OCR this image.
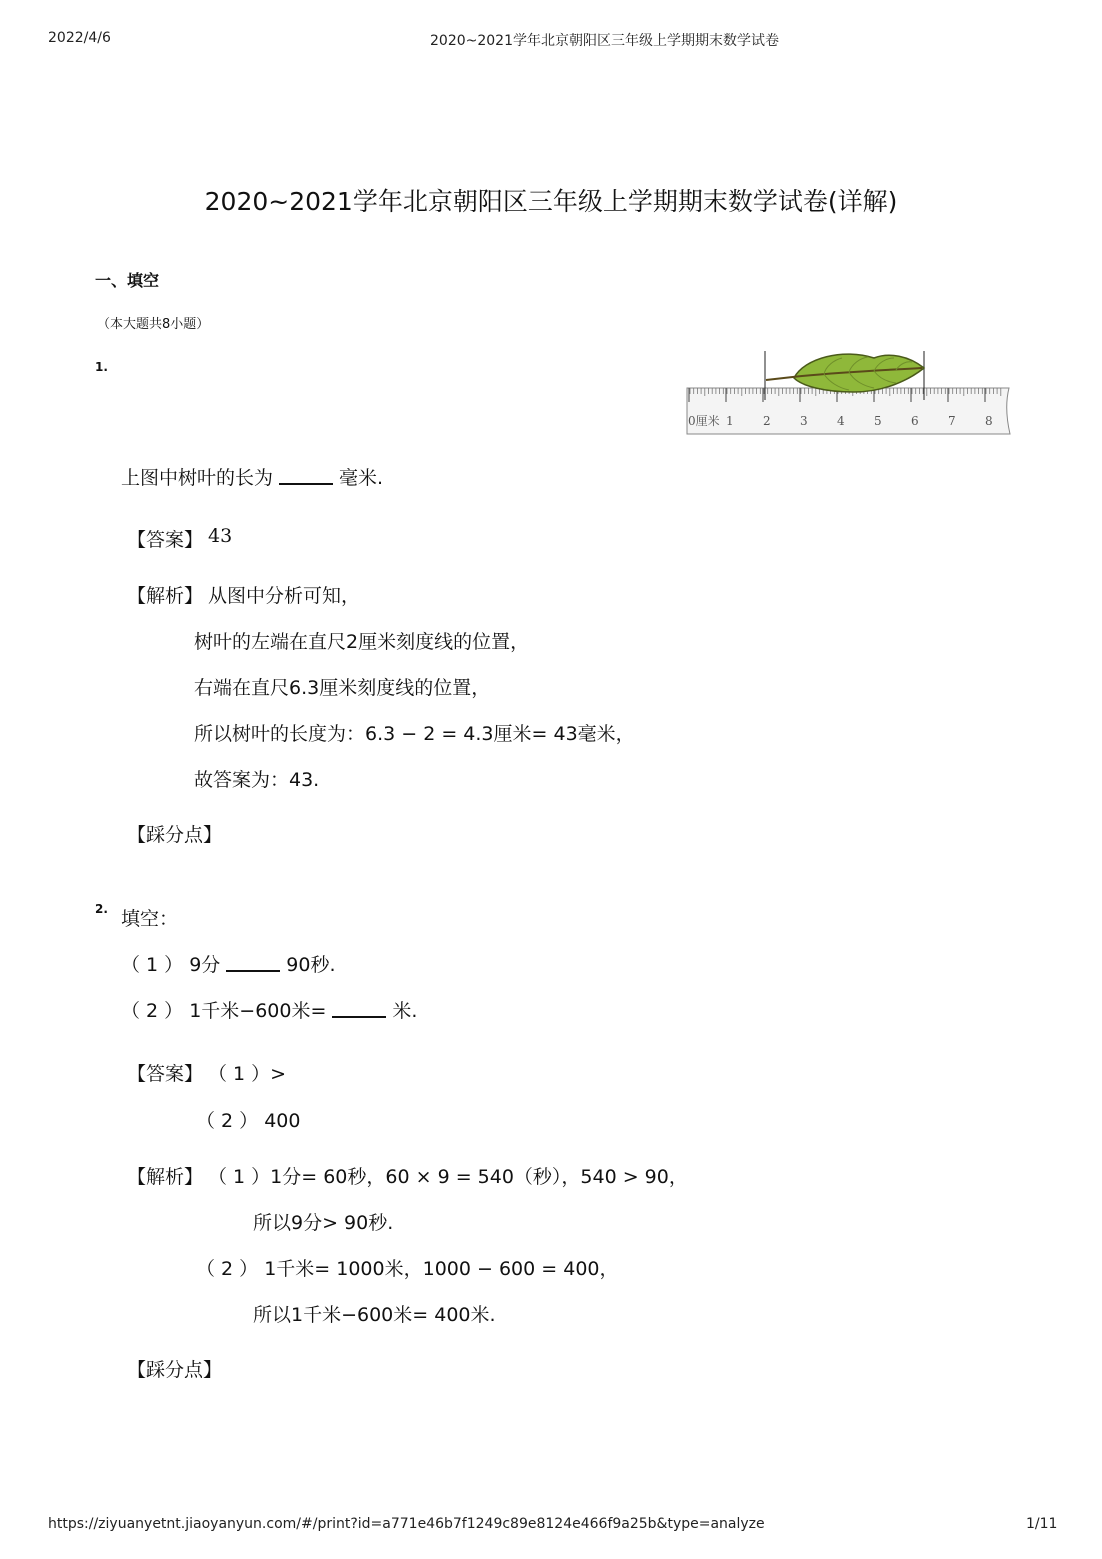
2022/4/6	2020~2021学年北京朝阳区三年级上学期期末数学试卷
2020~2021学年北京朝阳区三年级上学期期末数学试卷(详解)
一、填空
（本大题共8小题）
1.
0厘米 1 2 3 4 5 6 7 8
上图中树叶的长为	毫米.
【答案】 43
【解析】 从图中分析可知，
树叶的左端在直尺2厘米刻度线的位置，
右端在直尺6.3厘米刻度线的位置，
所以树叶的长度为：6.3 − 2 = 4.3厘米= 43毫米，
故答案为：43.
【踩分点】
2. 填空：
（ 1 ） 9分	90秒.
（ 2 ） 1千米−600米=	米.
【答案】 （ 1 ）>
（ 2 ） 400
【解析】 （ 1 ）1分= 60秒，60 × 9 = 540（秒），540 > 90，
所以9分> 90秒.
（ 2 ） 1千米= 1000米，1000 − 600 = 400，
所以1千米−600米= 400米.
【踩分点】
https://ziyuanyetnt.jiaoyanyun.com/#/print?id=a771e46b7f1249c89e8124e466f9a25b&type=analyze	1/11
